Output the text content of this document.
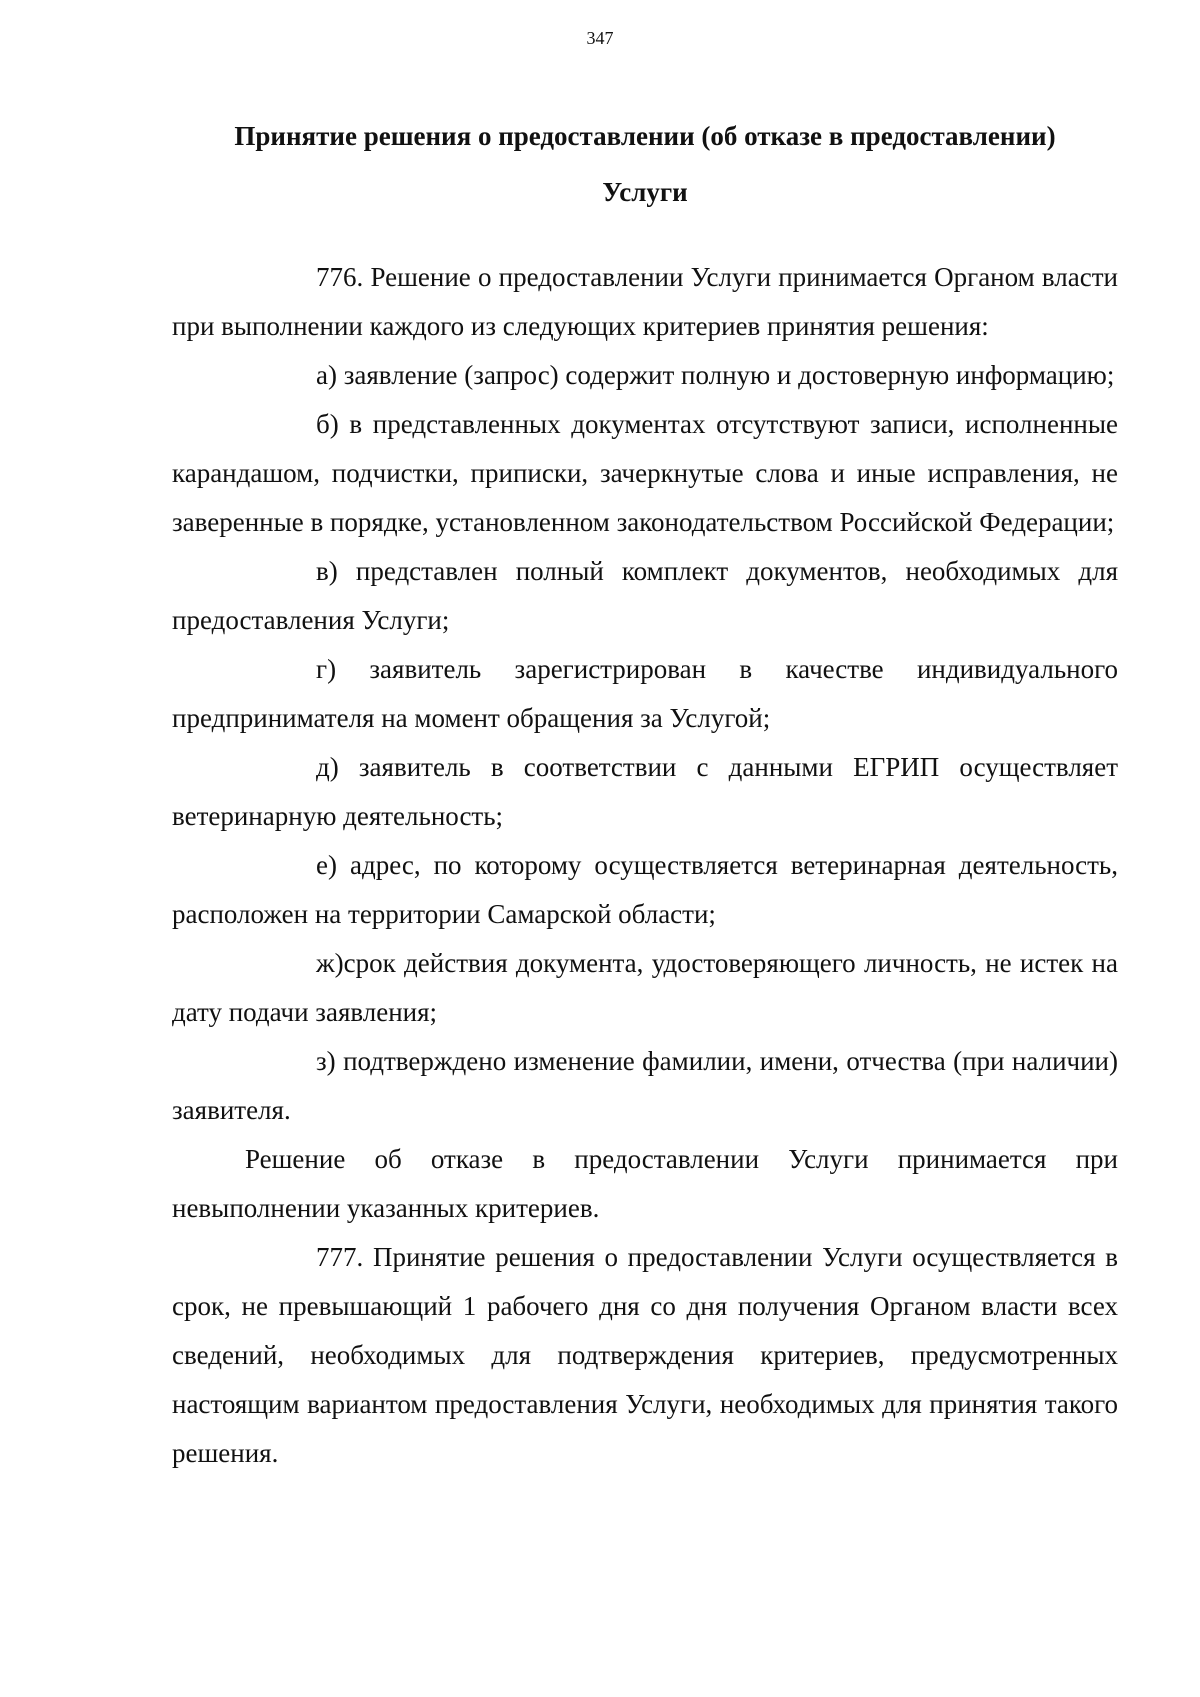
347
Принятие решения о предоставлении (об отказе в предоставлении)
Услуги

776. Решение о предоставлении Услуги принимается Органом власти при выполнении каждого из следующих критериев принятия решения:

а) заявление (запрос) содержит полную и достоверную информацию;

б) в представленных документах отсутствуют записи, исполненные карандашом, подчистки, приписки, зачеркнутые слова и иные исправления, не заверенные в порядке, установленном законодательством Российской Федерации;

в) представлен полный комплект документов, необходимых для предоставления Услуги;

г) заявитель зарегистрирован в качестве индивидуального предпринимателя на момент обращения за Услугой;

д) заявитель в соответствии с данными ЕГРИП осуществляет ветеринарную деятельность;

е) адрес, по которому осуществляется ветеринарная деятельность, расположен на территории Самарской области;

ж)срок действия документа, удостоверяющего личность, не истек на дату подачи заявления;

з) подтверждено изменение фамилии, имени, отчества (при наличии) заявителя.

Решение об отказе в предоставлении Услуги принимается при невыполнении указанных критериев.

777. Принятие решения о предоставлении Услуги осуществляется в срок, не превышающий 1 рабочего дня со дня получения Органом власти всех сведений, необходимых для подтверждения критериев, предусмотренных настоящим вариантом предоставления Услуги, необходимых для принятия такого решения.
